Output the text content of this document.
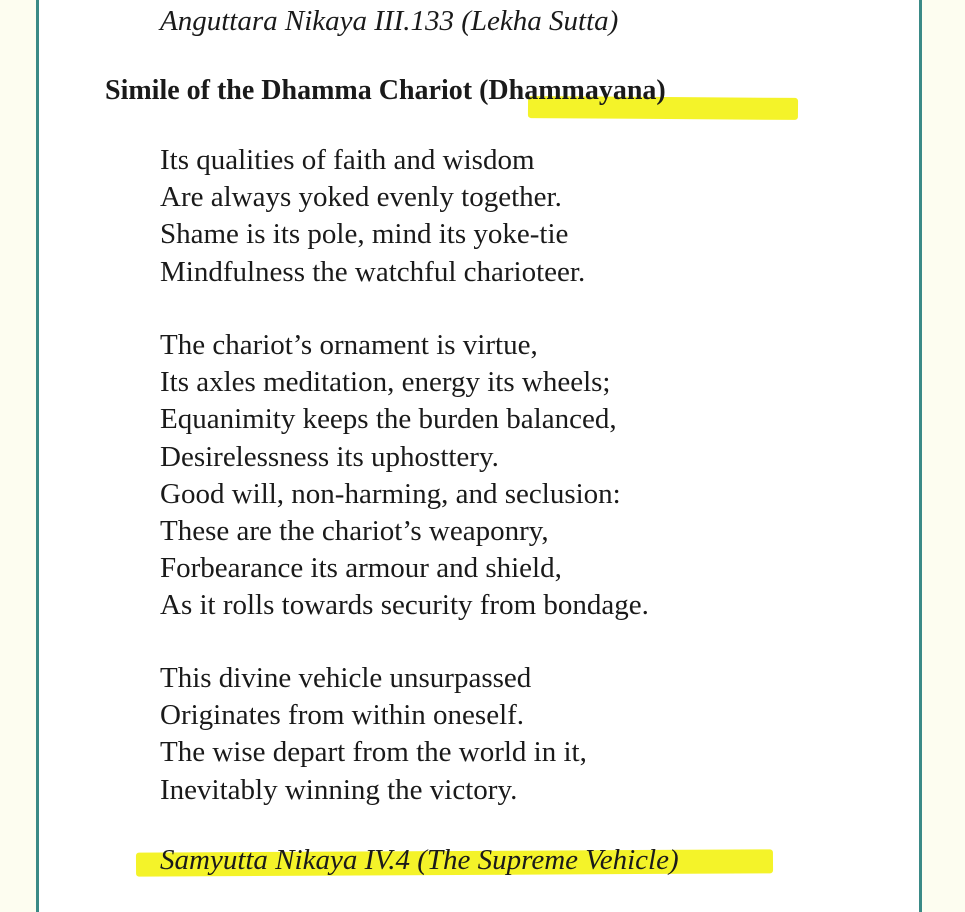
Anguttara Nikaya III.133 (Lekha Sutta)
Simile of the Dhamma Chariot (Dhammayana)
Its qualities of faith and wisdom
Are always yoked evenly together.
Shame is its pole, mind its yoke-tie
Mindfulness the watchful charioteer.
The chariot’s ornament is virtue,
Its axles meditation, energy its wheels;
Equanimity keeps the burden balanced,
Desirelessness its uphosttery.
Good will, non-harming, and seclusion:
These are the chariot’s weaponry,
Forbearance its armour and shield,
As it rolls towards security from bondage.
This divine vehicle unsurpassed
Originates from within oneself.
The wise depart from the world in it,
Inevitably winning the victory.
Samyutta Nikaya IV.4 (The Supreme Vehicle)
